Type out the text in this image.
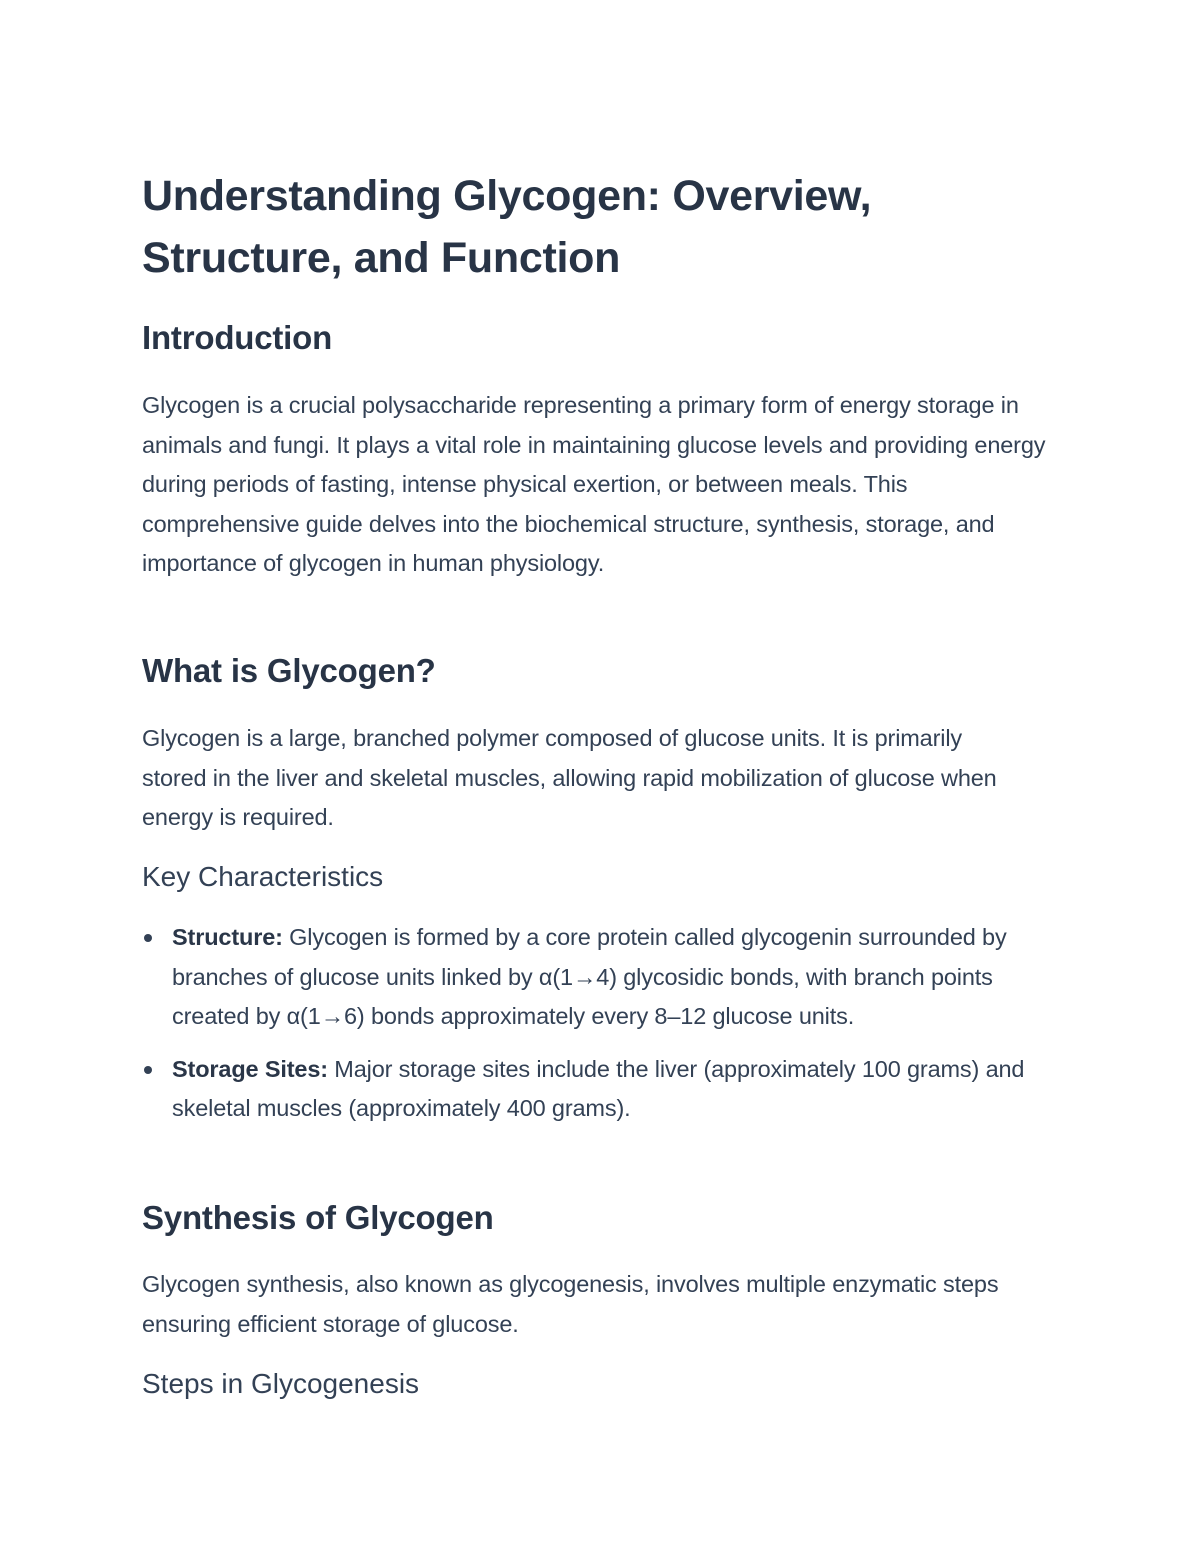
Understanding Glycogen: Overview, Structure, and Function
Introduction

Glycogen is a crucial polysaccharide representing a primary form of energy storage in animals and fungi. It plays a vital role in maintaining glucose levels and providing energy during periods of fasting, intense physical exertion, or between meals. This comprehensive guide delves into the biochemical structure, synthesis, storage, and importance of glycogen in human physiology.

What is Glycogen?

Glycogen is a large, branched polymer composed of glucose units. It is primarily stored in the liver and skeletal muscles, allowing rapid mobilization of glucose when energy is required.

Key Characteristics
Structure: Glycogen is formed by a core protein called glycogenin surrounded by branches of glucose units linked by α(1→4) glycosidic bonds, with branch points created by α(1→6) bonds approximately every 8–12 glucose units.
Storage Sites: Major storage sites include the liver (approximately 100 grams) and skeletal muscles (approximately 400 grams).
Synthesis of Glycogen

Glycogen synthesis, also known as glycogenesis, involves multiple enzymatic steps ensuring efficient storage of glucose.

Steps in Glycogenesis
